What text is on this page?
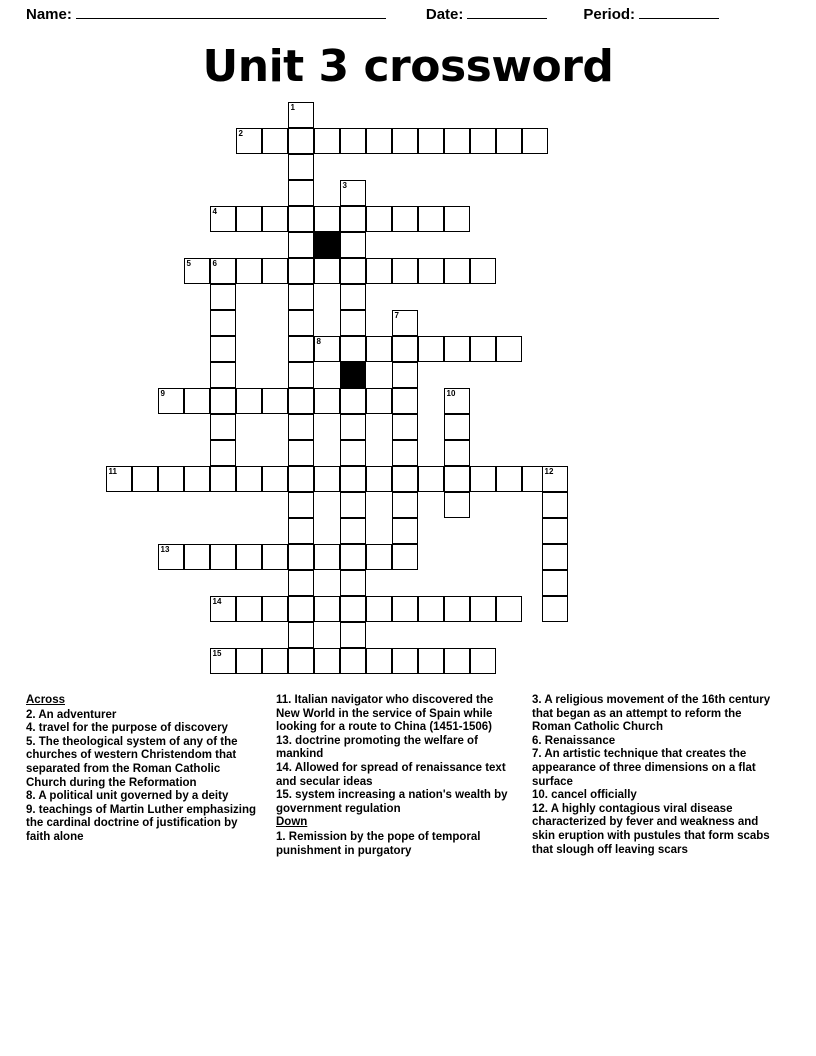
Name:	Date:	Period:
Unit 3 crossword
1
2
3
4
5	6
7
8
9	10
11	12
13
14
15
Across
2. An adventurer
4. travel for the purpose of discovery
5. The theological system of any of the churches of western Christendom that separated from the Roman Catholic Church during the Reformation
8. A political unit governed by a deity
9. teachings of Martin Luther emphasizing the cardinal doctrine of justification by faith alone
11. Italian navigator who discovered the New World in the service of Spain while looking for a route to China (1451-1506)
13. doctrine promoting the welfare of mankind
14. Allowed for spread of renaissance text and secular ideas
15. system increasing a nation's wealth by government regulation
Down
1. Remission by the pope of temporal punishment in purgatory
3. A religious movement of the 16th century that began as an attempt to reform the Roman Catholic Church
6. Renaissance
7. An artistic technique that creates the appearance of three dimensions on a flat surface
10. cancel officially
12. A highly contagious viral disease characterized by fever and weakness and skin eruption with pustules that form scabs that slough off leaving scars
